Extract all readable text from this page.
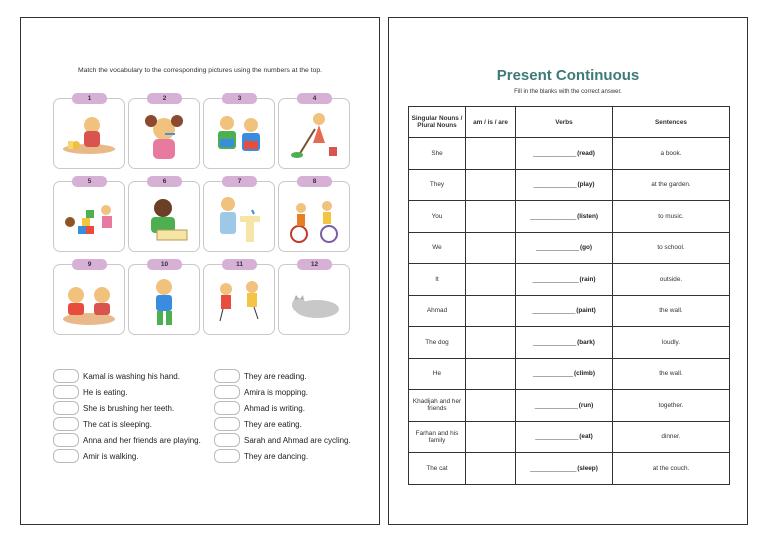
Match the vocabulary to the corresponding pictures using the numbers at the top.
1	2	3	4
5	6	7	8
9	10	11	12
Kamal is washing his hand.
He is eating.
She is brushing her teeth.
The cat is sleeping.
Anna and her friends are playing.
Amir is walking.
They are reading.
Amira is mopping.
Ahmad is writing.
They are eating.
Sarah and Ahmad are cycling.
They are dancing.
Present Continuous
Fill in the blanks with the correct answer.
Singular Nouns / Plural Nouns	am / is / are	Verbs	Sentences
She		______________ (read)	a book.
They		______________ (play)	at the garden.
You		_______________ (listen)	to music.
We		______________ (go)	to school.
It		_______________ (rain)	outside.
Ahmad		______________ (paint)	the wall.
The dog		______________ (bark)	loudly.
He		_____________ (climb)	the wall.
Khadijah and her friends		______________ (run)	together.
Farhan and his family		______________ (eat)	dinner.
The cat		_______________ (sleep)	at the couch.
